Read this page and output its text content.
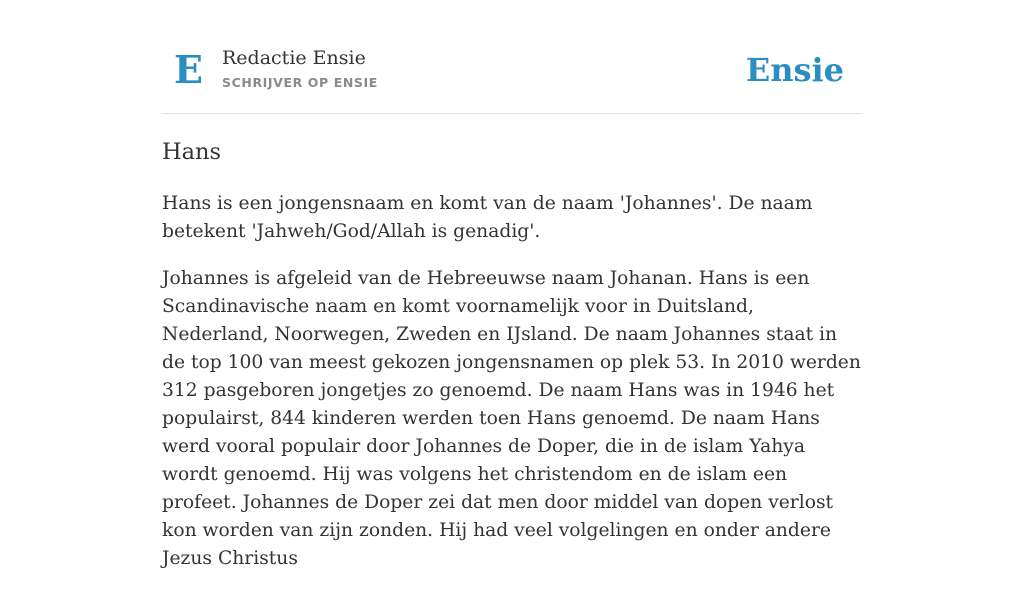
E Redactie Ensie
SCHRIJVER OP ENSIE	Ensie
Hans

Hans is een jongensnaam en komt van de naam 'Johannes'. De naam betekent 'Jahweh/God/Allah is genadig'.

Johannes is afgeleid van de Hebreeuwse naam Johanan. Hans is een Scandinavische naam en komt voornamelijk voor in Duitsland, Nederland, Noorwegen, Zweden en IJsland. De naam Johannes staat in de top 100 van meest gekozen jongensnamen op plek 53. In 2010 werden 312 pasgeboren jongetjes zo genoemd. De naam Hans was in 1946 het populairst, 844 kinderen werden toen Hans genoemd. De naam Hans werd vooral populair door Johannes de Doper, die in de islam Yahya wordt genoemd. Hij was volgens het christendom en de islam een profeet. Johannes de Doper zei dat men door middel van dopen verlost kon worden van zijn zonden. Hij had veel volgelingen en onder andere Jezus Christus
